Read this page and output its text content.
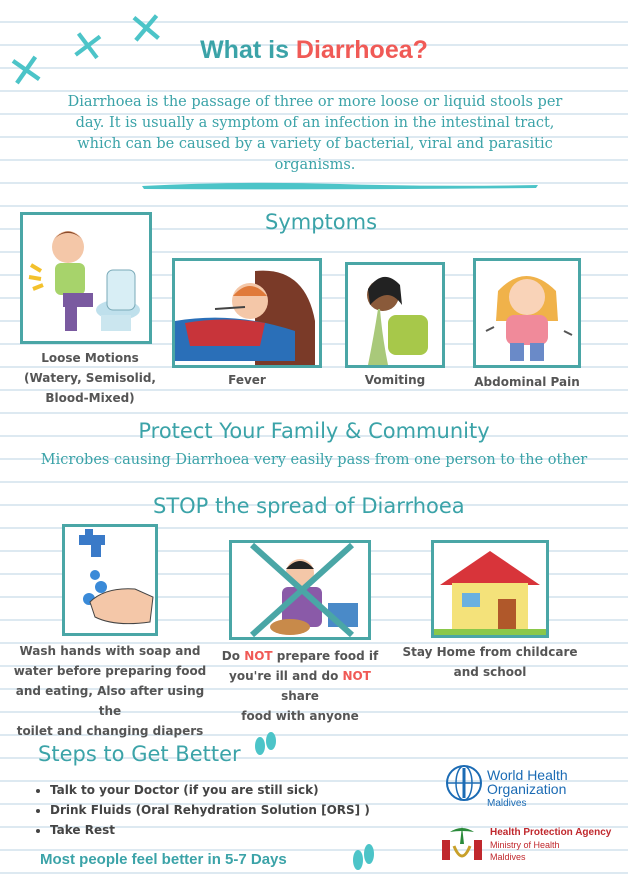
✕ ✕ ✕	What is Diarrhoea?
Diarrhoea is the passage of three or more loose or liquid stools per day. It is usually a symptom of an infection in the intestinal tract, which can be caused by a variety of bacterial, viral and parasitic organisms.
Symptoms
Loose Motions
(Watery, Semisolid,
Blood-Mixed)
Fever	Vomiting	Abdominal Pain
Protect Your Family & Community
Microbes causing Diarrhoea very easily pass from one person to the other
STOP the spread of Diarrhoea
Wash hands with soap and
water before preparing food
and eating, Also after using the
toilet and changing diapers
Do NOT prepare food if
you're ill and do NOT share
food with anyone
Stay Home from childcare
and school
Steps to Get Better
• Talk to your Doctor (if you are still sick)
• Drink Fluids (Oral Rehydration Solution [ORS] )
• Take Rest
Most people feel better in 5-7 Days
World Health
Organization
Maldives
Health Protection Agency
Ministry of Health
Maldives
